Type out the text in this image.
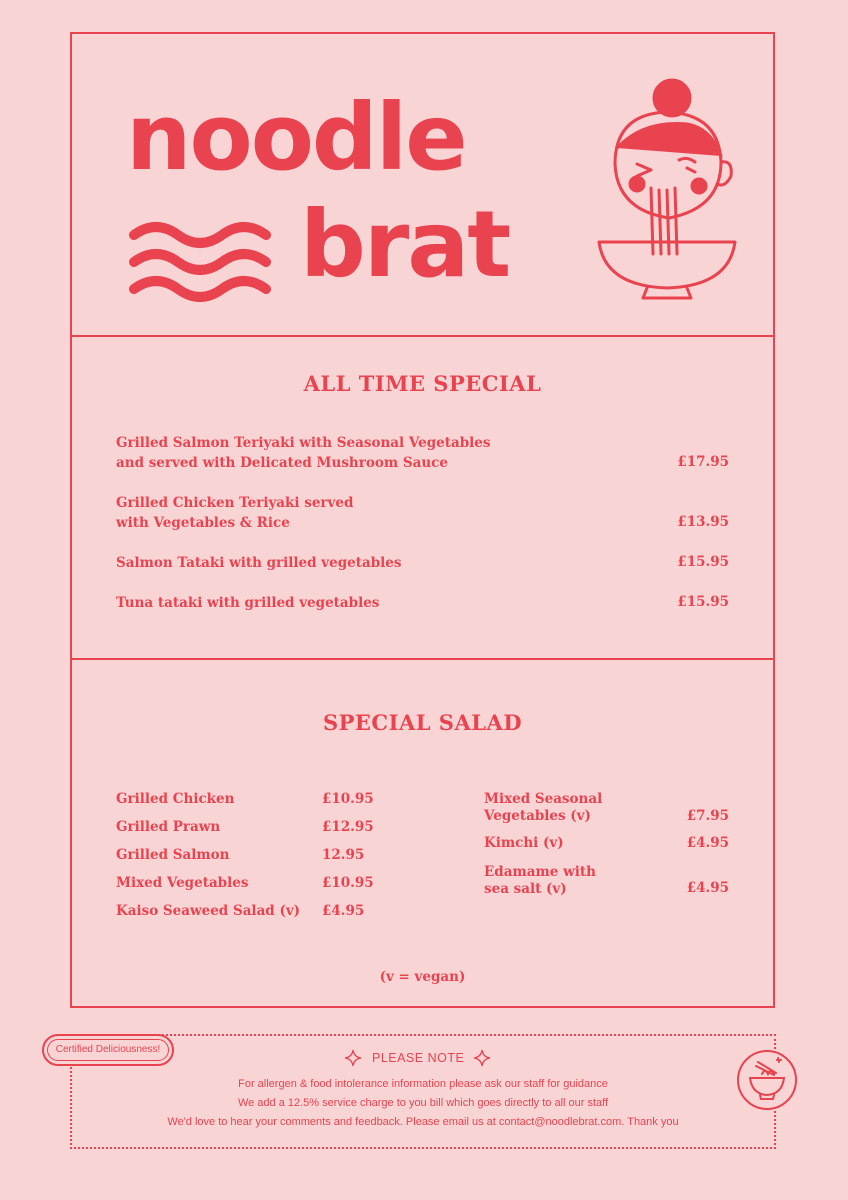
noodle
brat
ALL TIME SPECIAL
Grilled Salmon Teriyaki with Seasonal Vegetables
and served with Delicated Mushroom Sauce	£17.95
Grilled Chicken Teriyaki served
with Vegetables & Rice	£13.95
Salmon Tataki with grilled vegetables	£15.95
Tuna tataki with grilled vegetables	£15.95
SPECIAL SALAD
Grilled Chicken	£10.95
Grilled Prawn	£12.95
Grilled Salmon	12.95
Mixed Vegetables	£10.95
Kaiso Seaweed Salad (v) £4.95
Mixed Seasonal
Vegetables (v)	£7.95
Kimchi (v)	£4.95
Edamame with
sea salt (v)	£4.95
(v = vegan)
Certified Deliciousness!
PLEASE NOTE
For allergen & food intolerance information please ask our staff for guidance
We add a 12.5% service charge to you bill which goes directly to all our staff
We'd love to hear your comments and feedback. Please email us at contact@noodlebrat.com. Thank you
